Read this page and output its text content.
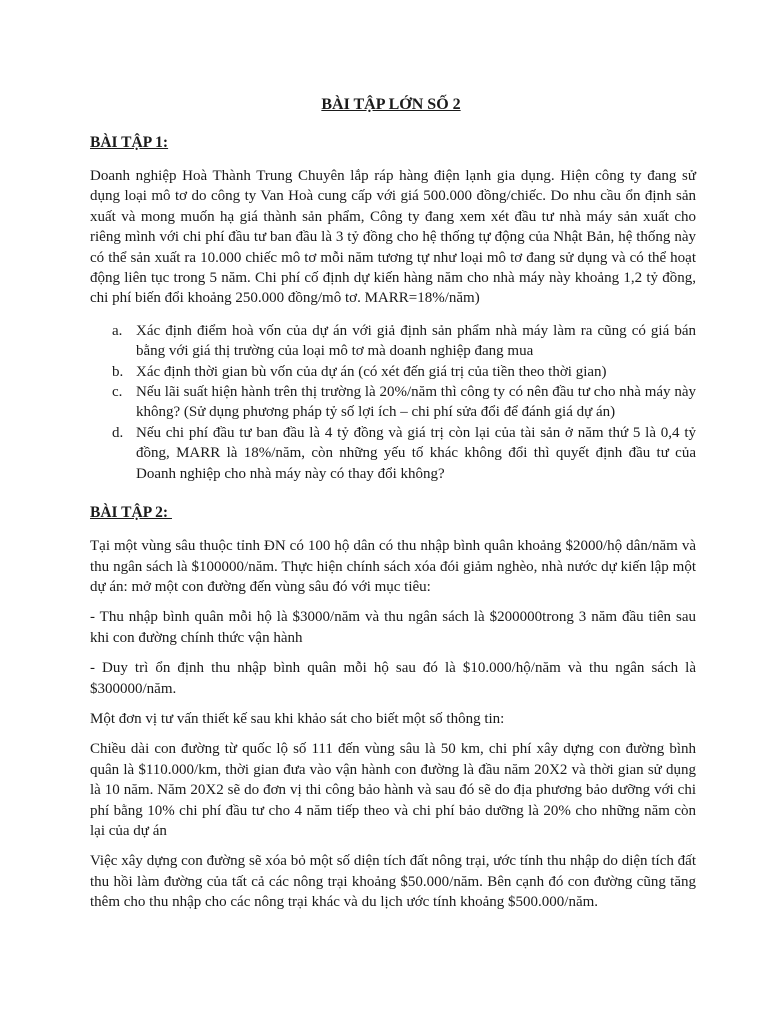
BÀI TẬP LỚN SỐ 2
BÀI TẬP 1:

Doanh nghiệp Hoà Thành Trung Chuyên lắp ráp hàng điện lạnh gia dụng. Hiện công ty đang sử dụng loại mô tơ do công ty Van Hoà cung cấp với giá 500.000 đồng/chiếc. Do nhu cầu ổn định sản xuất và mong muốn hạ giá thành sản phẩm, Công ty đang xem xét đầu tư nhà máy sản xuất cho riêng mình với chi phí đầu tư ban đầu là 3 tỷ đồng cho hệ thống tự động của Nhật Bản, hệ thống này có thể sản xuất ra 10.000 chiếc mô tơ mỗi năm tương tự như loại mô tơ đang sử dụng và có thể hoạt động liên tục trong 5 năm. Chi phí cố định dự kiến hàng năm cho nhà máy này khoảng 1,2 tỷ đồng, chi phí biến đổi khoảng 250.000 đồng/mô tơ. MARR=18%/năm)

a. Xác định điểm hoà vốn của dự án với giả định sản phẩm nhà máy làm ra cũng có giá bán bằng với giá thị trường của loại mô tơ mà doanh nghiệp đang mua
b. Xác định thời gian bù vốn của dự án (có xét đến giá trị của tiền theo thời gian)
c. Nếu lãi suất hiện hành trên thị trường là 20%/năm thì công ty có nên đầu tư cho nhà máy này không? (Sử dụng phương pháp tỷ số lợi ích – chi phí sửa đổi để đánh giá dự án)
d. Nếu chi phí đầu tư ban đầu là 4 tỷ đồng và giá trị còn lại của tài sản ở năm thứ 5 là 0,4 tỷ đồng, MARR là 18%/năm, còn những yếu tố khác không đổi thì quyết định đầu tư của Doanh nghiệp cho nhà máy này có thay đổi không?
BÀI TẬP 2:

Tại một vùng sâu thuộc tỉnh ĐN có 100 hộ dân có thu nhập bình quân khoảng $2000/hộ dân/năm và thu ngân sách là $100000/năm. Thực hiện chính sách xóa đói giảm nghèo, nhà nước dự kiến lập một dự án: mở một con đường đến vùng sâu đó với mục tiêu:

- Thu nhập bình quân mỗi hộ là $3000/năm và thu ngân sách là $200000trong 3 năm đầu tiên sau khi con đường chính thức vận hành

- Duy trì ổn định thu nhập bình quân mỗi hộ sau đó là $10.000/hộ/năm và thu ngân sách là $300000/năm.

Một đơn vị tư vấn thiết kế sau khi khảo sát cho biết một số thông tin:

Chiều dài con đường từ quốc lộ số 111 đến vùng sâu là 50 km, chi phí xây dựng con đường bình quân là $110.000/km, thời gian đưa vào vận hành con đường là đầu năm 20X2 và thời gian sử dụng là 10 năm. Năm 20X2 sẽ do đơn vị thi công bảo hành và sau đó sẽ do địa phương bảo dưỡng với chi phí bằng 10% chi phí đầu tư cho 4 năm tiếp theo và chi phí bảo dưỡng là 20% cho những năm còn lại của dự án

Việc xây dựng con đường sẽ xóa bỏ một số diện tích đất nông trại, ước tính thu nhập do diện tích đất thu hồi làm đường của tất cả các nông trại khoảng $50.000/năm. Bên cạnh đó con đường cũng tăng thêm cho thu nhập cho các nông trại khác và du lịch ước tính khoảng $500.000/năm.
